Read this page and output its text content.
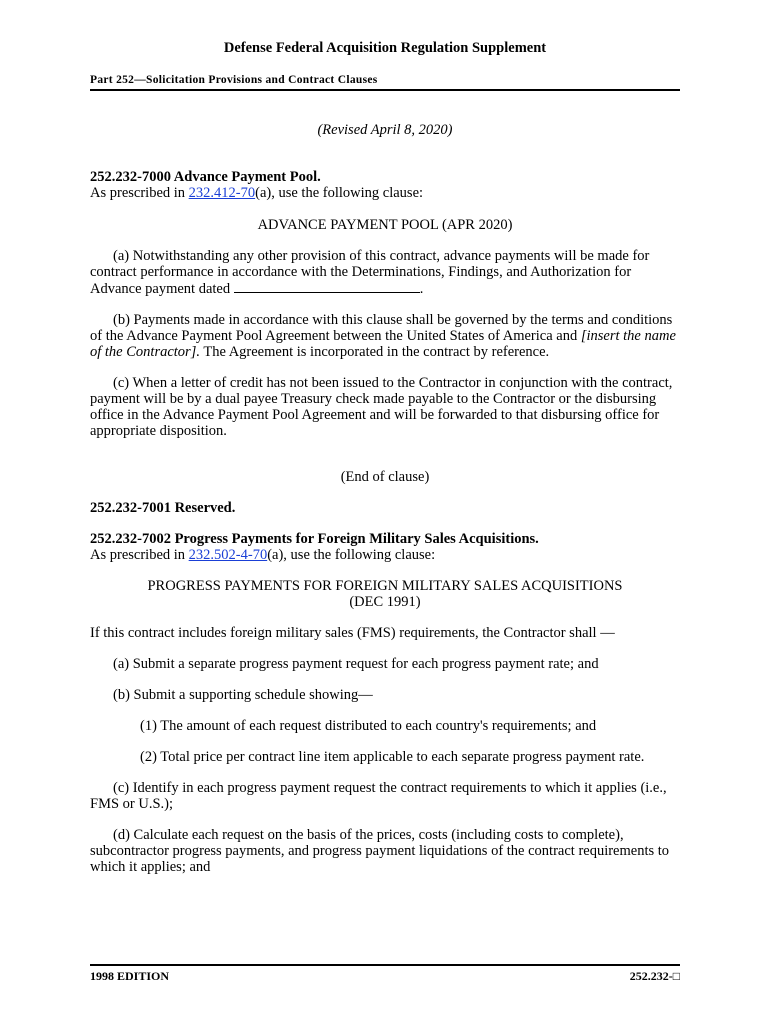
Defense Federal Acquisition Regulation Supplement
Part 252—Solicitation Provisions and Contract Clauses

(Revised April 8, 2020)

252.232-7000 Advance Payment Pool.

As prescribed in 232.412-70(a), use the following clause:

ADVANCE PAYMENT POOL (APR 2020)

(a) Notwithstanding any other provision of this contract, advance payments will be made for contract performance in accordance with the Determinations, Findings, and Authorization for Advance payment dated	.

(b) Payments made in accordance with this clause shall be governed by the terms and conditions of the Advance Payment Pool Agreement between the United States of America and [insert the name of the Contractor]. The Agreement is incorporated in the contract by reference.

(c) When a letter of credit has not been issued to the Contractor in conjunction with the contract, payment will be by a dual payee Treasury check made payable to the Contractor or the disbursing office in the Advance Payment Pool Agreement and will be forwarded to that disbursing office for appropriate disposition.

(End of clause)

252.232-7001 Reserved.

252.232-7002 Progress Payments for Foreign Military Sales Acquisitions.

As prescribed in 232.502-4-70(a), use the following clause:

PROGRESS PAYMENTS FOR FOREIGN MILITARY SALES ACQUISITIONS

(DEC 1991)

If this contract includes foreign military sales (FMS) requirements, the Contractor shall —

(a) Submit a separate progress payment request for each progress payment rate; and

(b) Submit a supporting schedule showing—

(1) The amount of each request distributed to each country's requirements; and

(2) Total price per contract line item applicable to each separate progress payment rate.

(c) Identify in each progress payment request the contract requirements to which it applies (i.e., FMS or U.S.);

(d) Calculate each request on the basis of the prices, costs (including costs to complete), subcontractor progress payments, and progress payment liquidations of the contract requirements to which it applies; and

1998 EDITION	252.232-□
